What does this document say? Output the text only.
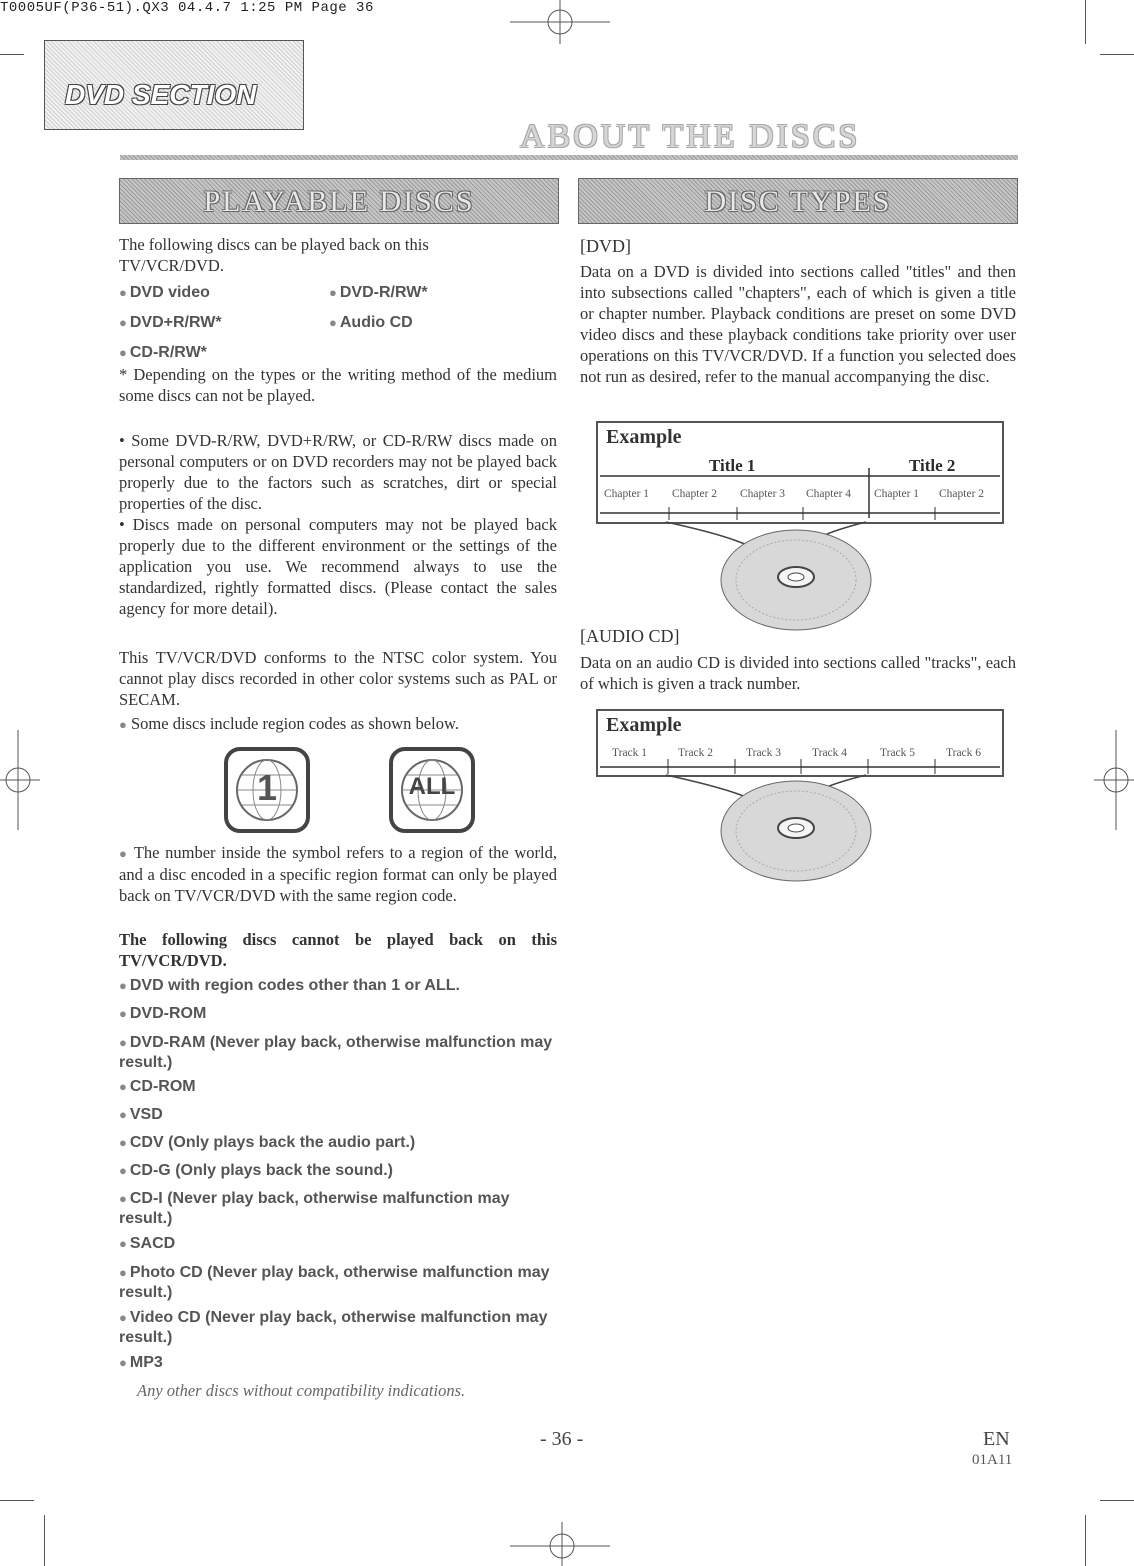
T0005UF(P36-51).QX3 04.4.7 1:25 PM Page 36
DVD SECTION
ABOUT THE DISCS
PLAYABLE DISCS
The following discs can be played back on this TV/VCR/DVD.
● DVD video	● DVD-R/RW*
● DVD+R/RW*	● Audio CD
● CD-R/RW*
* Depending on the types or the writing method of the medium some discs can not be played.
• Some DVD-R/RW, DVD+R/RW, or CD-R/RW discs made on personal computers or on DVD recorders may not be played back properly due to the factors such as scratches, dirt or special properties of the disc.
• Discs made on personal computers may not be played back properly due to the different environment or the settings of the application you use. We recommend always to use the standardized, rightly formatted discs. (Please contact the sales agency for more detail).
This TV/VCR/DVD conforms to the NTSC color system. You cannot play discs recorded in other color systems such as PAL or SECAM.
● Some discs include region codes as shown below.
1	ALL
● The number inside the symbol refers to a region of the world, and a disc encoded in a specific region format can only be played back on TV/VCR/DVD with the same region code.
The following discs cannot be played back on this TV/VCR/DVD.
● DVD with region codes other than 1 or ALL.
● DVD-ROM
● DVD-RAM (Never play back, otherwise malfunction may result.)
● CD-ROM
● VSD
● CDV (Only plays back the audio part.)
● CD-G (Only plays back the sound.)
● CD-I (Never play back, otherwise malfunction may result.)
● SACD
● Photo CD (Never play back, otherwise malfunction may result.)
● Video CD (Never play back, otherwise malfunction may result.)
● MP3
Any other discs without compatibility indications.
DISC TYPES
[DVD]
Data on a DVD is divided into sections called "titles" and then into subsections called "chapters", each of which is given a title or chapter number. Playback conditions are preset on some DVD video discs and these playback conditions take priority over user operations on this TV/VCR/DVD. If a function you selected does not run as desired, refer to the manual accompanying the disc.
Example
Title 1	Title 2
Chapter 1 Chapter 2 Chapter 3 Chapter 4 Chapter 1 Chapter 2
[AUDIO CD]
Data on an audio CD is divided into sections called "tracks", each of which is given a track number.
Example
Track 1	Track 2	Track 3	Track 4	Track 5	Track 6
- 36 -	EN
01A11
